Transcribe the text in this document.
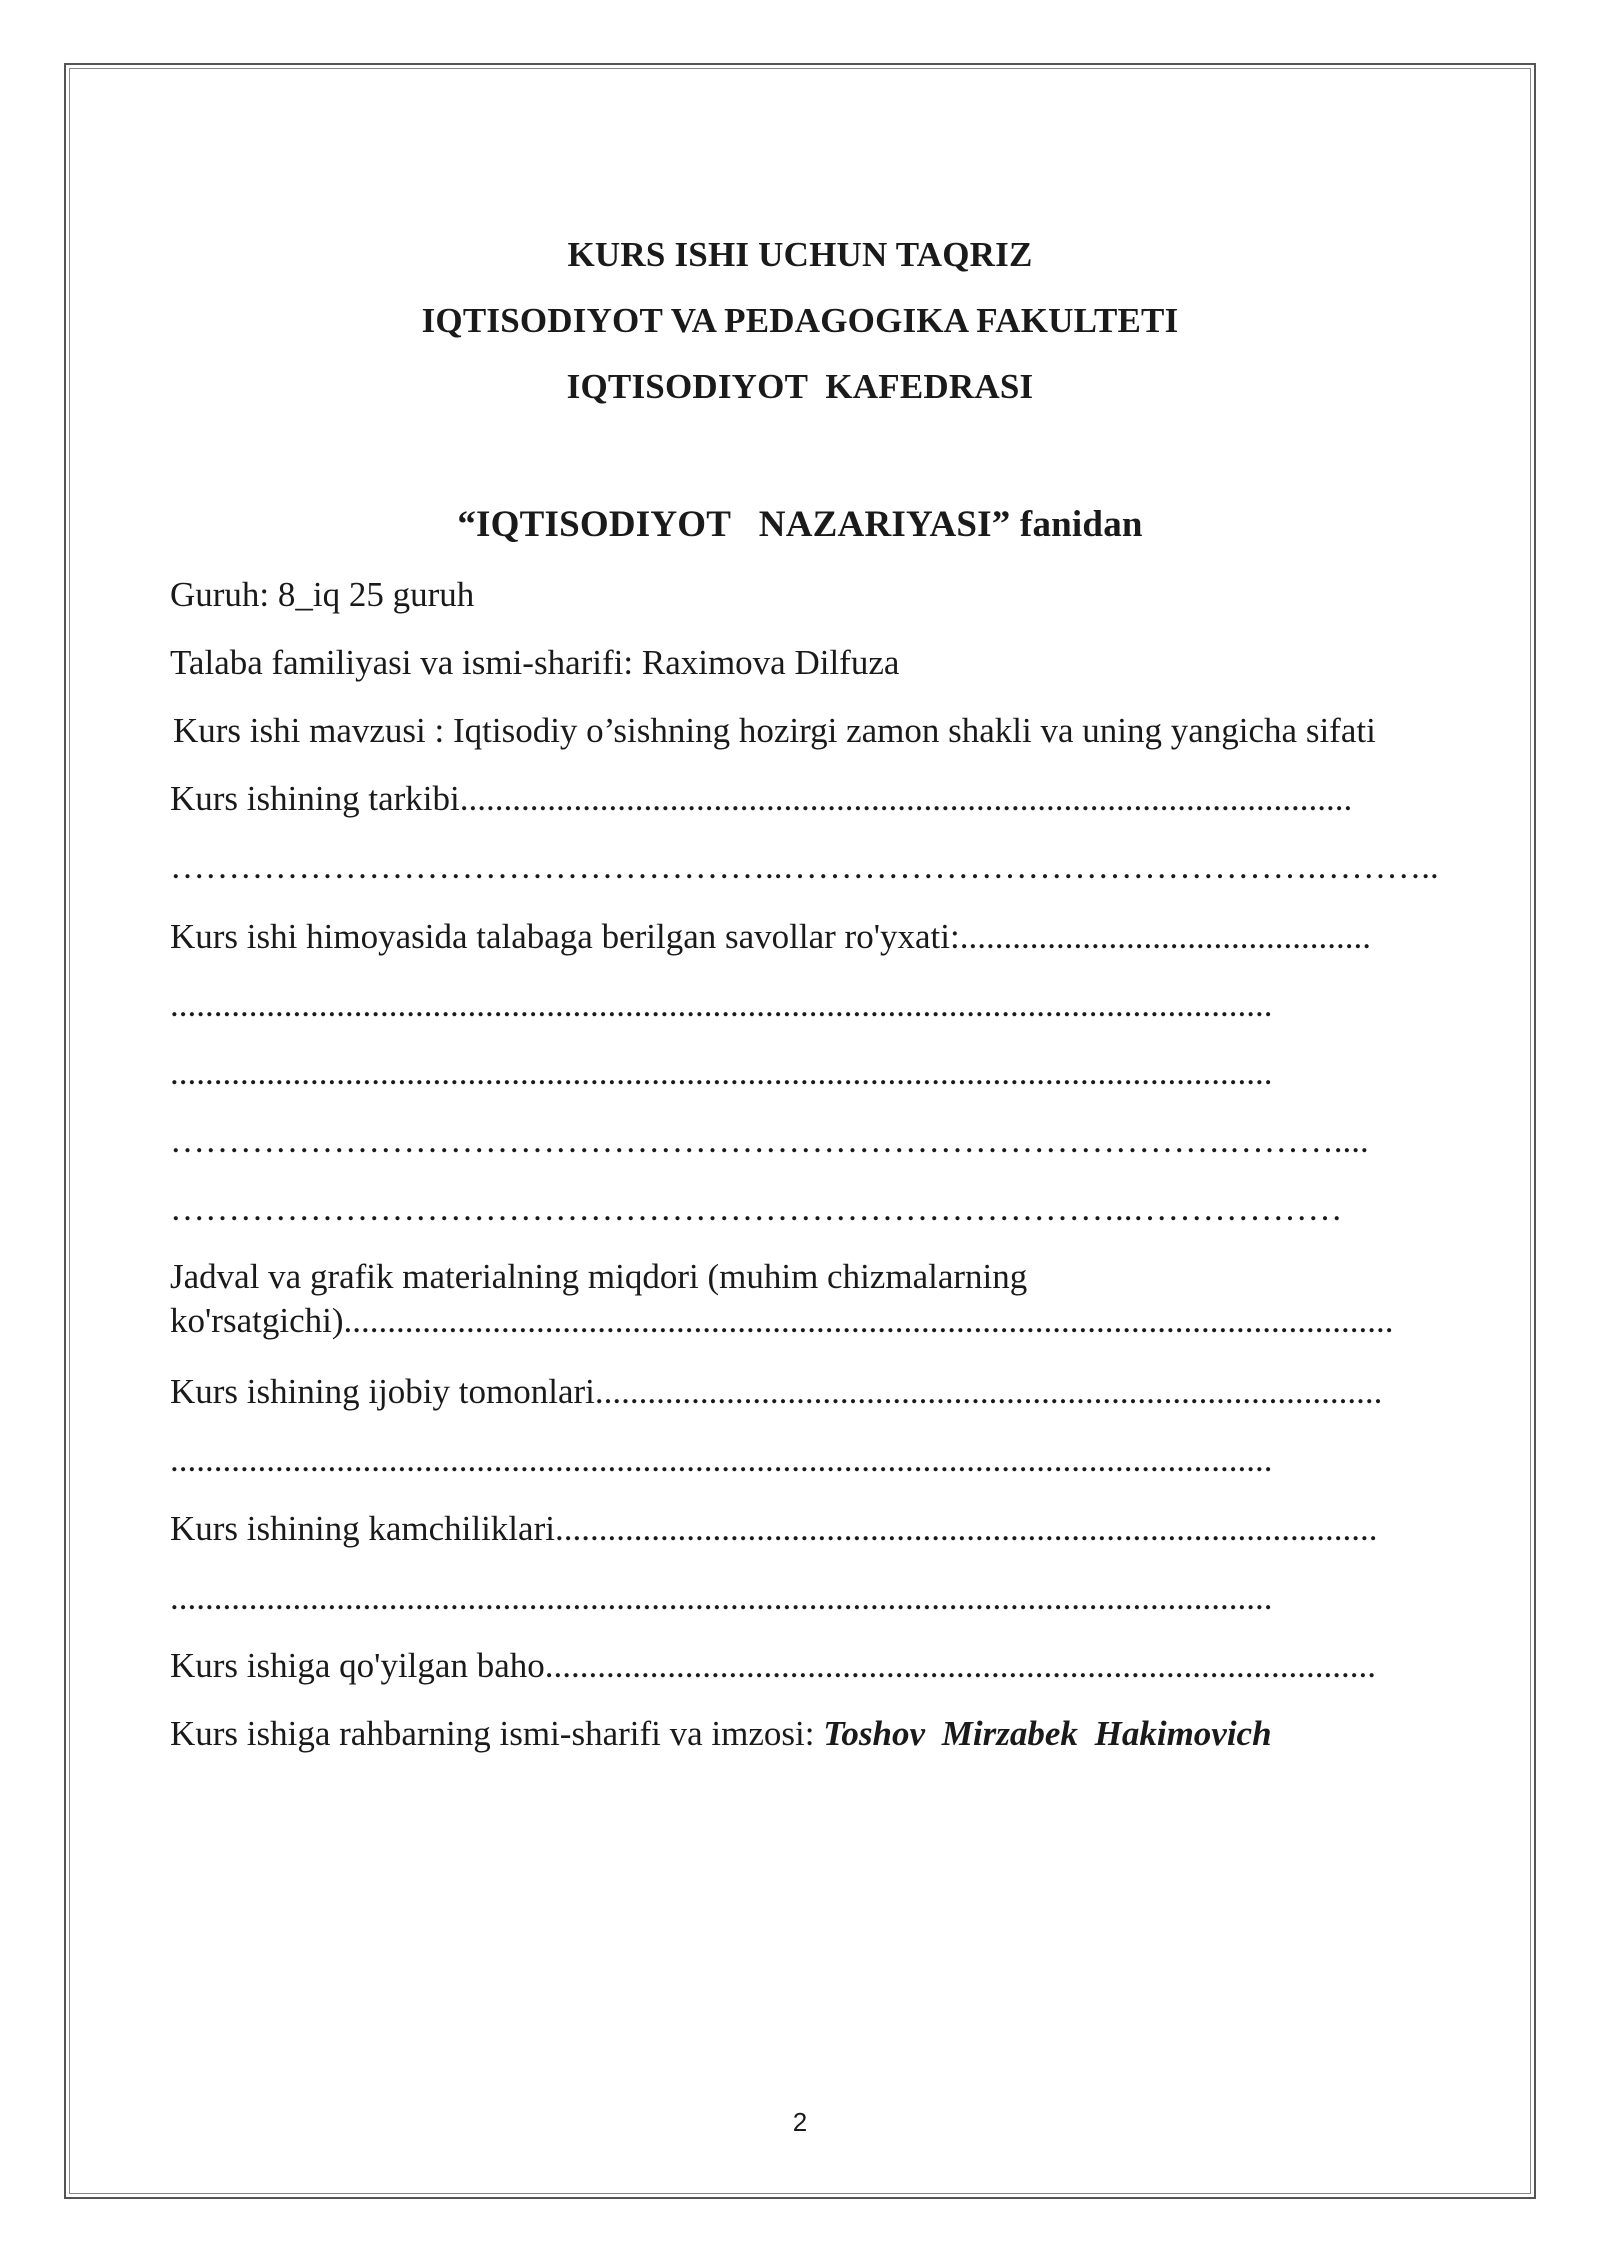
KURS ISHI UCHUN TAQRIZ
IQTISODIYOT VA PEDAGOGIKA FAKULTETI
IQTISODIYOT  KAFEDRASI
“IQTISODIYOT   NAZARIYASI” fanidan
Guruh: 8_iq 25 guruh
Talaba familiyasi va ismi-sharifi: Raximova Dilfuza
Kurs ishi mavzusi : Iqtisodiy o’sishning hozirgi zamon shakli va uning yangicha sifati
Kurs ishining tarkibi......................................................................................................
……………………………………………..……………………………………….………..
Kurs ishi himoyasida talabaga berilgan savollar ro'yxati:...............................................
..............................................................................................................................
..............................................................................................................................
……………………………………………………………………………….………....
………………………………………………………………………..………………
Jadval va grafik materialning miqdori (muhim chizmalarning ko'rsatgichi)........................................................................................................................
Kurs ishining ijobiy tomonlari..........................................................................................
..............................................................................................................................
Kurs ishining kamchiliklari..............................................................................................
..............................................................................................................................
Kurs ishiga qo'yilgan baho...............................................................................................
Kurs ishiga rahbarning ismi-sharifi va imzosi: Toshov Mirzabek Hakimovich
2
